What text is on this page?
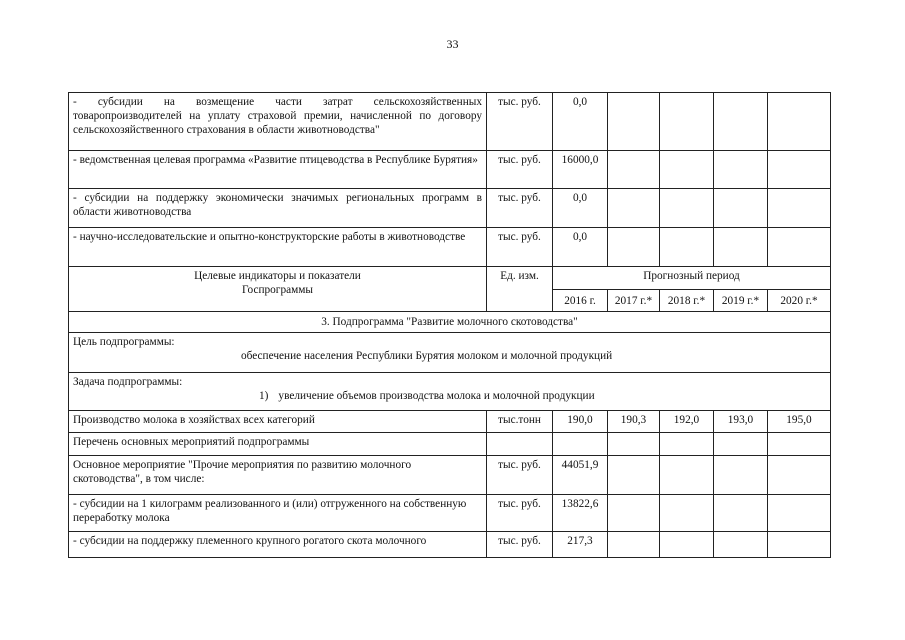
33
- субсидии на возмещение части затрат сельскохозяйственных товаропроизводителей на уплату страховой премии, начисленной по договору сельскохозяйственного страхования в области животноводства"	тыс. руб.	0,0				
- ведомственная целевая программа «Развитие птицеводства в Республике Бурятия»	тыс. руб.	16000,0				
- субсидии на поддержку экономически значимых региональных программ в области животноводства	тыс. руб.	0,0				
- научно-исследовательские и опытно-конструкторские работы в животноводстве	тыс. руб.	0,0				
Целевые индикаторы и показатели Госпрограммы	Ед. изм.	Прогнозный период				
		2016 г.	2017 г.*	2018 г.*	2019 г.*	2020 г.*
3. Подпрограмма "Развитие молочного скотоводства"						

Цель подпрограммы:
обеспечение населения Республики Бурятия молоком и молочной продукций						

Задача подпрограммы:
1) увеличение объемов производства молока и молочной продукции						

Производство молока в хозяйствах всех категорий	тыс.тонн	190,0	190,3	192,0	193,0	195,0
Перечень основных мероприятий подпрограммы						
Основное мероприятие "Прочие мероприятия по развитию молочного скотоводства", в том числе:	тыс. руб.	44051,9				
- субсидии на 1 килограмм реализованного и (или) отгруженного на собственную переработку молока	тыс. руб.	13822,6				
- субсидии на поддержку племенного крупного рогатого скота молочного	тыс. руб.	217,3				
